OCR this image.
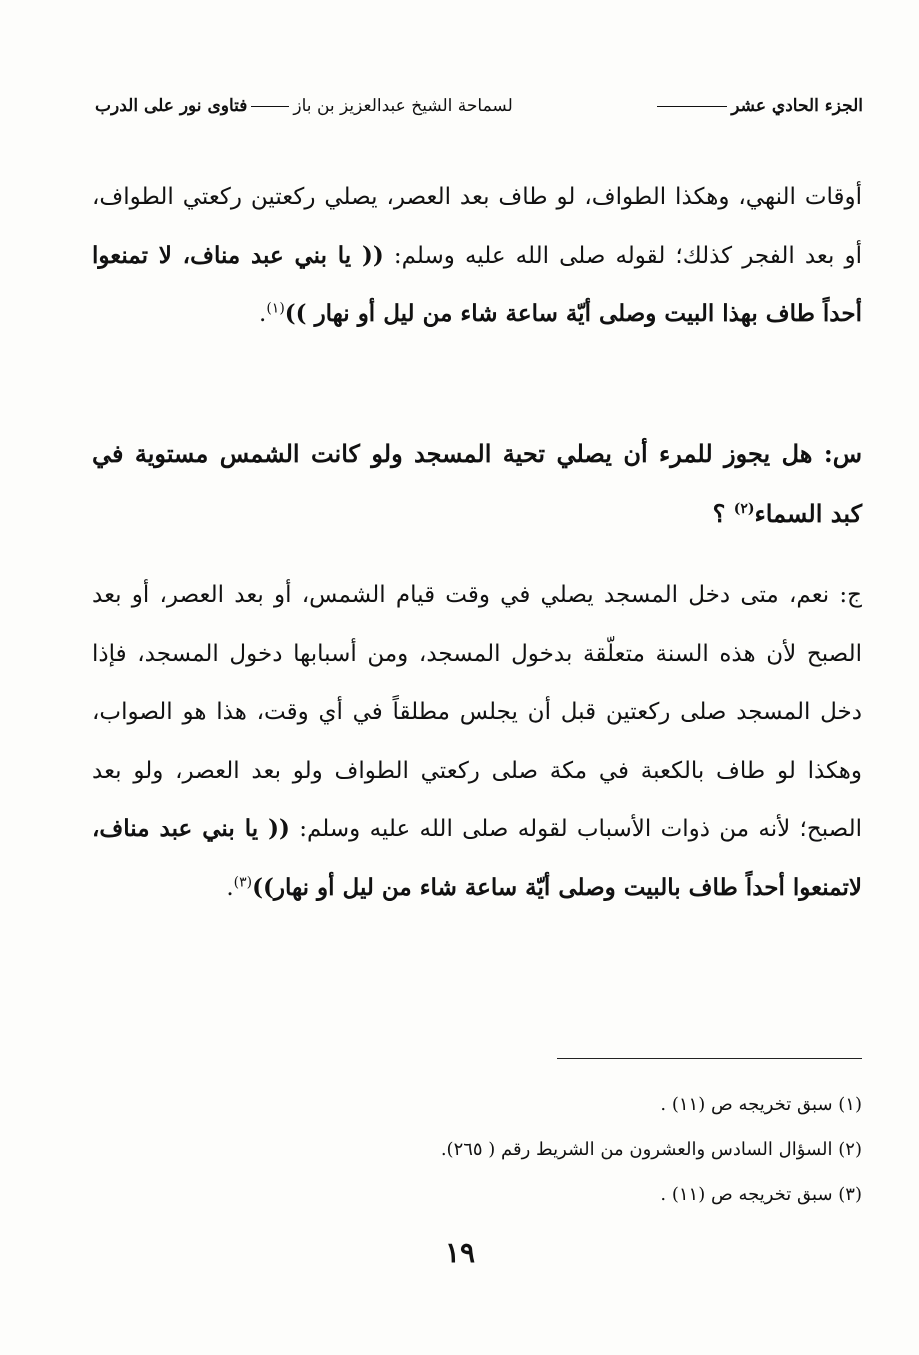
فتاوى نور على الدرب	لسماحة الشيخ عبدالعزيز بن باز	الجزء الحادي عشر

أوقات النهي، وهكذا الطواف، لو طاف بعد العصر، يصلي ركعتين ركعتي الطواف، أو بعد الفجر كذلك؛ لقوله صلى الله عليه وسلم: (( يا بني عبد مناف، لا تمنعوا أحداً طاف بهذا البيت وصلى أيّة ساعة شاء من ليل أو نهار ))$^{(١)}$.

س: هل يجوز للمرء أن يصلي تحية المسجد ولو كانت الشمس مستوية في كبد السماء$^{(٢)}$ ؟

ج: نعم، متى دخل المسجد يصلي في وقت قيام الشمس، أو بعد العصر، أو بعد الصبح لأن هذه السنة متعلّقة بدخول المسجد، ومن أسبابها دخول المسجد، فإذا دخل المسجد صلى ركعتين قبل أن يجلس مطلقاً في أي وقت، هذا هو الصواب، وهكذا لو طاف بالكعبة في مكة صلى ركعتي الطواف ولو بعد العصر، ولو بعد الصبح؛ لأنه من ذوات الأسباب لقوله صلى الله عليه وسلم: (( يا بني عبد مناف، لاتمنعوا أحداً طاف بالبيت وصلى أيّة ساعة شاء من ليل أو نهار))$^{(٣)}$.

(١) سبق تخريجه ص (١١) .
(٢) السؤال السادس والعشرون من الشريط رقم ( ٢٦٥).
(٣) سبق تخريجه ص (١١) .
١٩
